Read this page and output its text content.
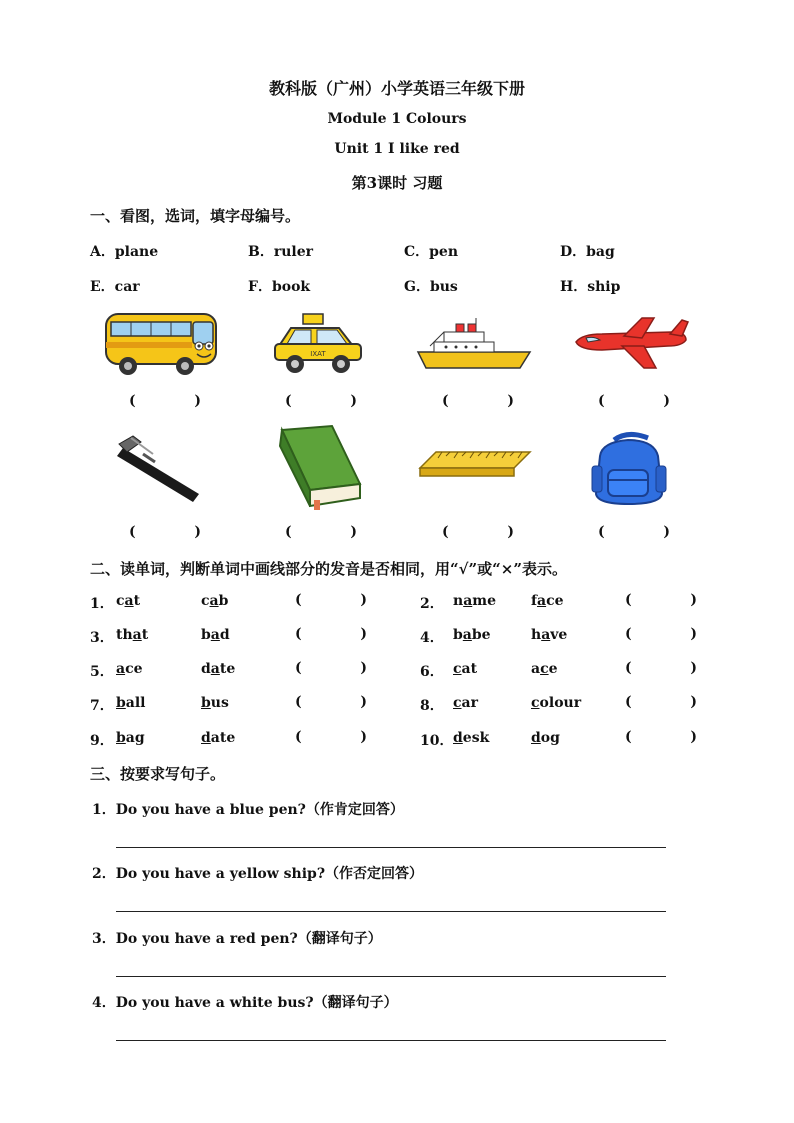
教科版（广州）小学英语三年级下册
Module 1 Colours
Unit 1 I like red
第3课时 习题
一、看图，选词，填字母编号。
A．plane	B．ruler	C．pen	D．bag
E．car	F．book	G．bus	H．ship
IXAT
(	)	(	)	(	)	(	)
(	)	(	)	(	)	(	)
二、读单词，判断单词中画线部分的发音是否相同，用“√”或“×”表示。
1． cat	cab	(	)
3． that	bad	(	)
5． ace	date	(	)
7． ball	bus	(	)
9． bag	date	(	)
2． name	face	(	)
4． babe	have	(	)
6． cat	ace	(	)
8． car	colour	(	)
10． desk	dog	(	)
三、按要求写句子。
1．Do you have a blue pen?（作肯定回答）
2．Do you have a yellow ship?（作否定回答）
3．Do you have a red pen?（翻译句子）
4．Do you have a white bus?（翻译句子）
